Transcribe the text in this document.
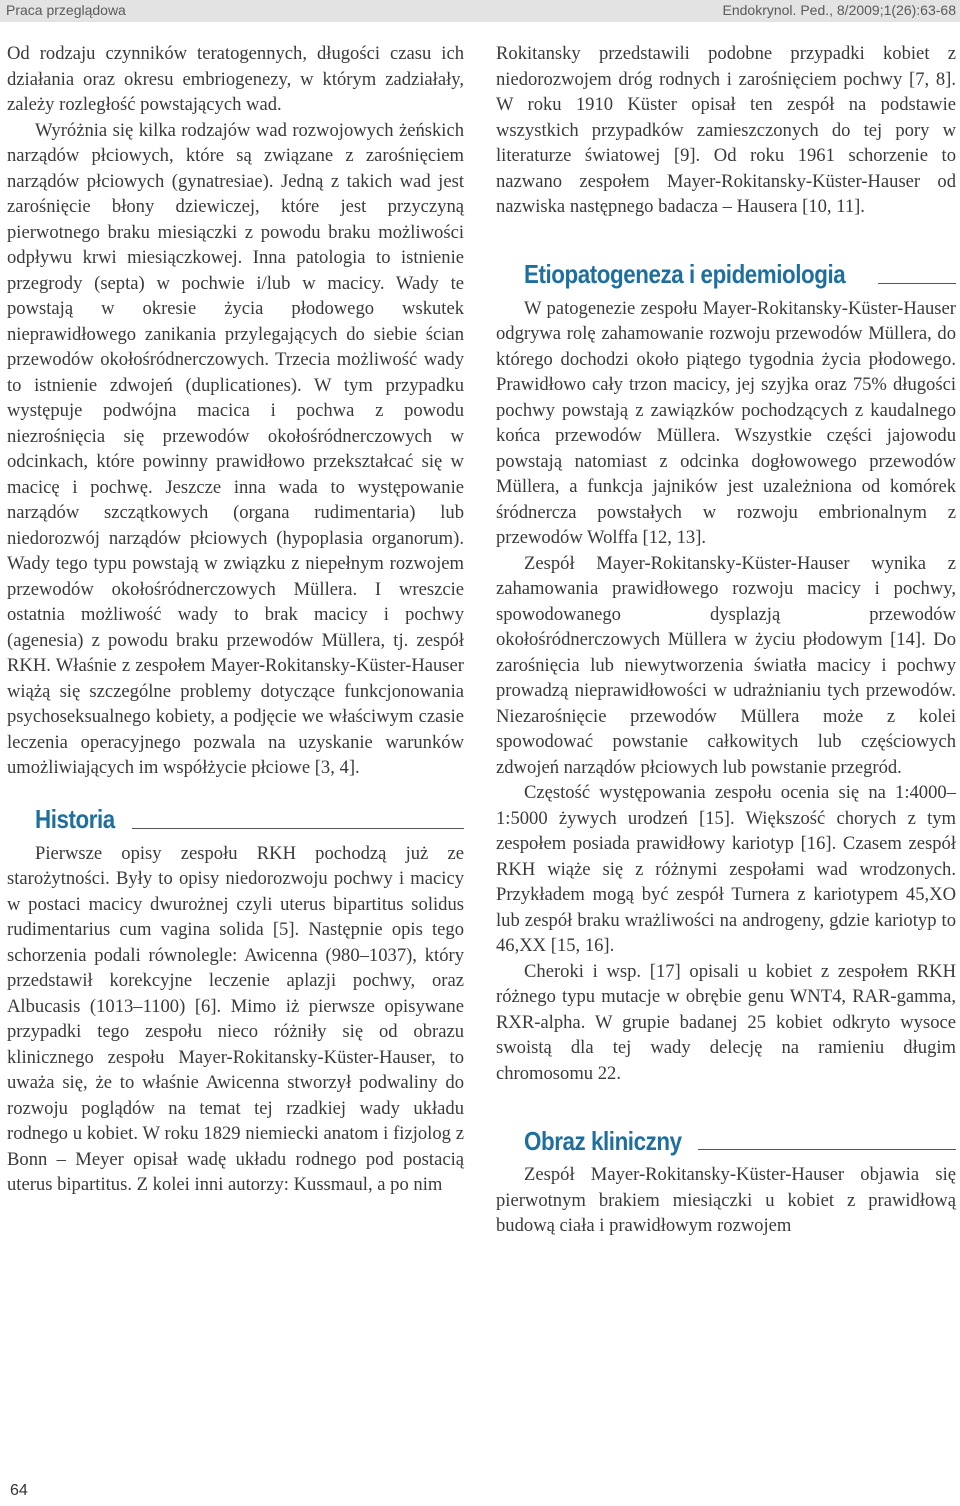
Praca przeglądowa	Endokrynol. Ped., 8/2009;1(26):63-68

Od rodzaju czynników teratogennych, długości czasu ich działania oraz okresu embriogenezy, w którym zadziałały, zależy rozległość powstających wad.

Wyróżnia się kilka rodzajów wad rozwojowych żeńskich narządów płciowych, które są związane z zarośnięciem narządów płciowych (gynatresiae). Jedną z takich wad jest zarośnięcie błony dziewiczej, które jest przyczyną pierwotnego braku miesiączki z powodu braku możliwości odpływu krwi miesiączkowej. Inna patologia to istnienie przegrody (septa) w pochwie i/lub w macicy. Wady te powstają w okresie życia płodowego wskutek nieprawidłowego zanikania przylegających do siebie ścian przewodów okołośródnerczowych. Trzecia możliwość wady to istnienie zdwojeń (duplicationes). W tym przypadku występuje podwójna macica i pochwa z powodu niezrośnięcia się przewodów okołośródnerczowych w odcinkach, które powinny prawidłowo przekształcać się w macicę i pochwę. Jeszcze inna wada to występowanie narządów szczątkowych (organa rudimentaria) lub niedorozwój narządów płciowych (hypoplasia organorum). Wady tego typu powstają w związku z niepełnym rozwojem przewodów okołośródnerczowych Müllera. I wreszcie ostatnia możliwość wady to brak macicy i pochwy (agenesia) z powodu braku przewodów Müllera, tj. zespół RKH. Właśnie z zespołem Mayer-Rokitansky-Küster-Hauser wiążą się szczególne problemy dotyczące funkcjonowania psychoseksualnego kobiety, a podjęcie we właściwym czasie leczenia operacyjnego pozwala na uzyskanie warunków umożliwiających im współżycie płciowe [3, 4].

Historia

Pierwsze opisy zespołu RKH pochodzą już ze starożytności. Były to opisy niedorozwoju pochwy i macicy w postaci macicy dwurożnej czyli uterus bipartitus solidus rudimentarius cum vagina solida [5]. Następnie opis tego schorzenia podali równolegle: Awicenna (980–1037), który przedstawił korekcyjne leczenie aplazji pochwy, oraz Albucasis (1013–1100) [6]. Mimo iż pierwsze opisywane przypadki tego zespołu nieco różniły się od obrazu klinicznego zespołu Mayer-Rokitansky-Küster-Hauser, to uważa się, że to właśnie Awicenna stworzył podwaliny do rozwoju poglądów na temat tej rzadkiej wady układu rodnego u kobiet. W roku 1829 niemiecki anatom i fizjolog z Bonn – Meyer opisał wadę układu rodnego pod postacią uterus bipartitus. Z kolei inni autorzy: Kussmaul, a po nim

Rokitansky przedstawili podobne przypadki kobiet z niedorozwojem dróg rodnych i zarośnięciem pochwy [7, 8]. W roku 1910 Küster opisał ten zespół na podstawie wszystkich przypadków zamieszczonych do tej pory w literaturze światowej [9]. Od roku 1961 schorzenie to nazwano zespołem Mayer-Rokitansky-Küster-Hauser od nazwiska następnego badacza – Hausera [10, 11].

Etiopatogeneza i epidemiologia

W patogenezie zespołu Mayer-Rokitansky-Küster-Hauser odgrywa rolę zahamowanie rozwoju przewodów Müllera, do którego dochodzi około piątego tygodnia życia płodowego. Prawidłowo cały trzon macicy, jej szyjka oraz 75% długości pochwy powstają z zawiązków pochodzących z kaudalnego końca przewodów Müllera. Wszystkie części jajowodu powstają natomiast z odcinka dogłowowego przewodów Müllera, a funkcja jajników jest uzależniona od komórek śródnercza powstałych w rozwoju embrionalnym z przewodów Wolffa [12, 13].

Zespół Mayer-Rokitansky-Küster-Hauser wynika z zahamowania prawidłowego rozwoju macicy i pochwy, spowodowanego dysplazją przewodów okołośródnerczowych Müllera w życiu płodowym [14]. Do zarośnięcia lub niewytworzenia światła macicy i pochwy prowadzą nieprawidłowości w udrażnianiu tych przewodów. Niezarośnięcie przewodów Müllera może z kolei spowodować powstanie całkowitych lub częściowych zdwojeń narządów płciowych lub powstanie przegród.

Częstość występowania zespołu ocenia się na 1:4000–1:5000 żywych urodzeń [15]. Większość chorych z tym zespołem posiada prawidłowy kariotyp [16]. Czasem zespół RKH wiąże się z różnymi zespołami wad wrodzonych. Przykładem mogą być zespół Turnera z kariotypem 45,XO lub zespół braku wrażliwości na androgeny, gdzie kariotyp to 46,XX [15, 16].

Cheroki i wsp. [17] opisali u kobiet z zespołem RKH różnego typu mutacje w obrębie genu WNT4, RAR-gamma, RXR-alpha. W grupie badanej 25 kobiet odkryto wysoce swoistą dla tej wady delecję na ramieniu długim chromosomu 22.

Obraz kliniczny

Zespół Mayer-Rokitansky-Küster-Hauser objawia się pierwotnym brakiem miesiączki u kobiet z prawidłową budową ciała i prawidłowym rozwojem

64
